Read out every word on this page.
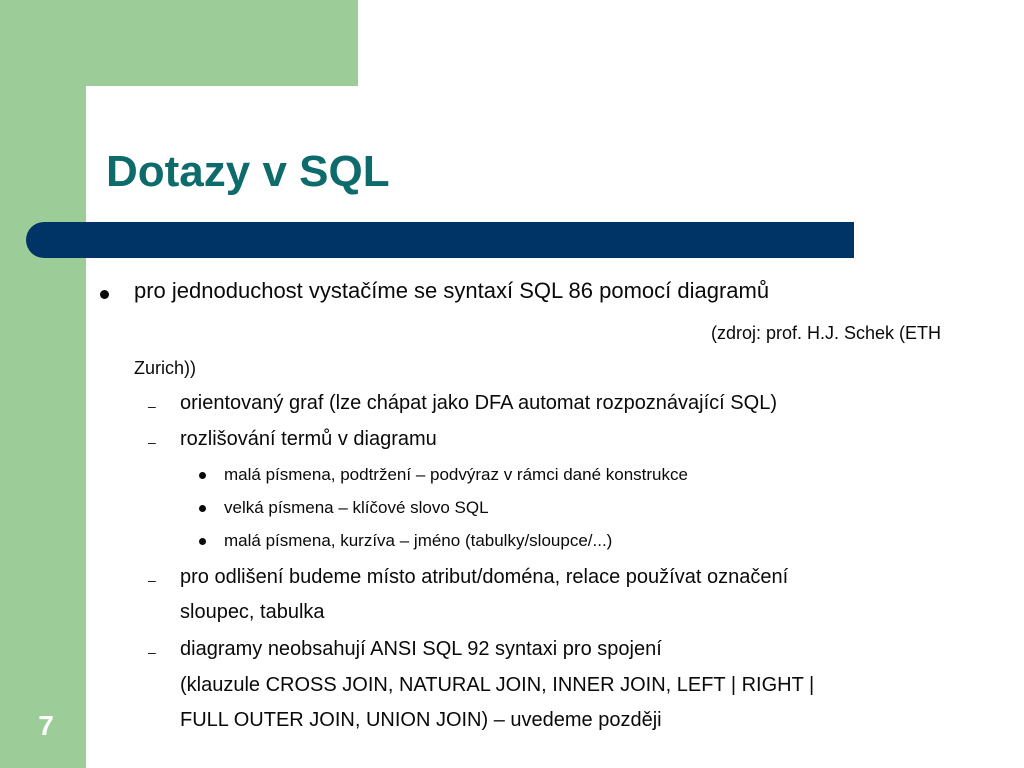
Dotazy v SQL
pro jednoduchost vystačíme se syntaxí SQL 86 pomocí diagramů
(zdroj: prof. H.J. Schek (ETH
Zurich))
– orientovaný graf (lze chápat jako DFA automat rozpoznávající SQL)
– rozlišování termů v diagramu
malá písmena, podtržení – podvýraz v rámci dané konstrukce
velká písmena – klíčové slovo SQL
malá písmena, kurzíva – jméno (tabulky/sloupce/...)
– pro odlišení budeme místo atribut/doména, relace používat označení
sloupec, tabulka
– diagramy neobsahují ANSI SQL 92 syntaxi pro spojení
(klauzule CROSS JOIN, NATURAL JOIN, INNER JOIN, LEFT | RIGHT |
FULL OUTER JOIN, UNION JOIN) – uvedeme později
7
